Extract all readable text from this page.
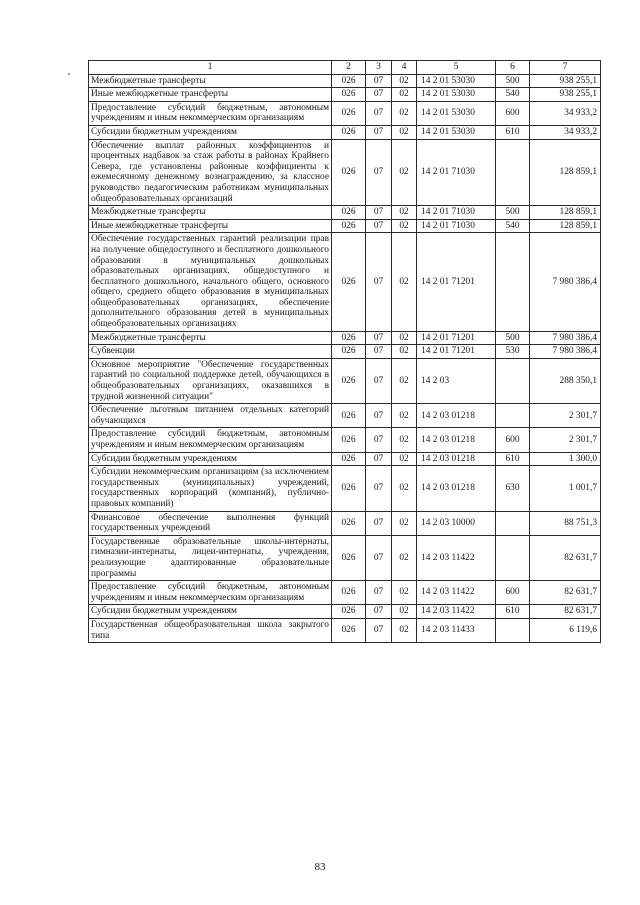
1	2	3	4	5	6	7
Межбюджетные трансферты	026	07	02	14 2 01 53030	500	938 255,1
Иные межбюджетные трансферты	026	07	02	14 2 01 53030	540	938 255,1
Предоставление субсидий бюджетным, автономным учреждениям и иным некоммерческим организациям	026	07	02	14 2 01 53030	600	34 933,2
Субсидии бюджетным учреждениям	026	07	02	14 2 01 53030	610	34 933,2
Обеспечение выплат районных коэффициентов и процентных надбавок за стаж работы в районах Крайнего Севера, где установлены районные коэффициенты к ежемесячному денежному вознаграждению, за классное руководство педагогическим работникам муниципальных общеобразовательных организаций	026	07	02	14 2 01 71030		128 859,1
Межбюджетные трансферты	026	07	02	14 2 01 71030	500	128 859,1
Иные межбюджетные трансферты	026	07	02	14 2 01 71030	540	128 859,1
Обеспечение государственных гарантий реализации прав на получение общедоступного и бесплатного дошкольного образования в муниципальных дошкольных образовательных организациях, общедоступного и бесплатного дошкольного, начального общего, основного общего, среднего общего образования в муниципальных общеобразовательных организациях, обеспечение дополнительного образования детей в муниципальных общеобразовательных организациях	026	07	02	14 2 01 71201		7 980 386,4
Межбюджетные трансферты	026	07	02	14 2 01 71201	500	7 980 386,4
Субвенции	026	07	02	14 2 01 71201	530	7 980 386,4
Основное мероприятие "Обеспечение государственных гарантий по социальной поддержке детей, обучающихся в общеобразовательных организациях, оказавшихся в трудной жизненной ситуации"	026	07	02	14 2 03		288 350,1
Обеспечение льготным питанием отдельных категорий обучающихся	026	07	02	14 2 03 01218		2 301,7
Предоставление субсидий бюджетным, автономным учреждениям и иным некоммерческим организациям	026	07	02	14 2 03 01218	600	2 301,7
Субсидии бюджетным учреждениям	026	07	02	14 2 03 01218	610	1 300,0
Субсидии некоммерческим организациям (за исключением государственных (муниципальных) учреждений, государственных корпораций (компаний), публично-правовых компаний)	026	07	02	14 2 03 01218	630	1 001,7
Финансовое обеспечение выполнения функций государственных учреждений	026	07	02	14 2 03 10000		88 751,3
Государственные образовательные школы-интернаты, гимназии-интернаты, лицеи-интернаты, учреждения, реализующие адаптированные образовательные программы	026	07	02	14 2 03 11422		82 631,7
Предоставление субсидий бюджетным, автономным учреждениям и иным некоммерческим организациям	026	07	02	14 2 03 11422	600	82 631,7
Субсидии бюджетным учреждениям	026	07	02	14 2 03 11422	610	82 631,7
Государственная общеобразовательная школа закрытого типа	026	07	02	14 2 03 11433		6 119,6
83
